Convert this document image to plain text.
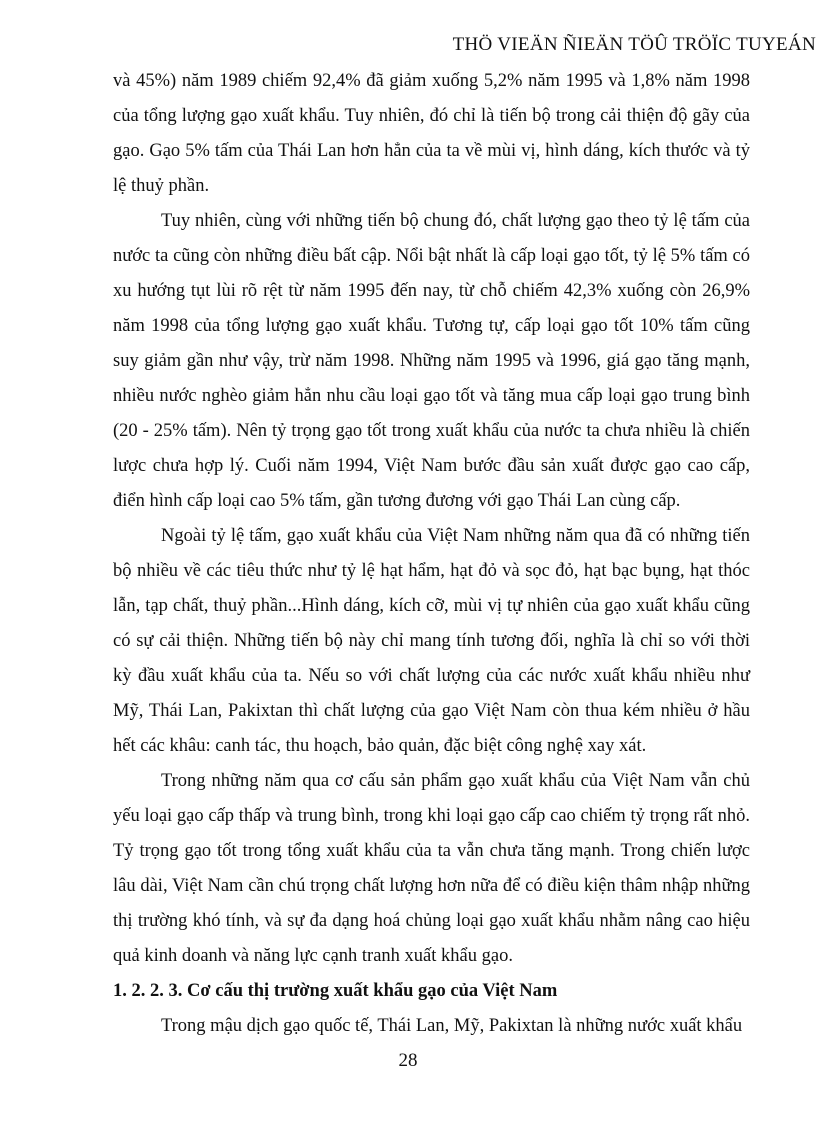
THÖ VIEÄN ÑIEÄN TÖÛ TRÖÏC TUYEÁN

và 45%) năm 1989 chiếm 92,4% đã giảm xuống 5,2% năm 1995 và 1,8% năm 1998 của tổng lượng gạo xuất khẩu. Tuy nhiên, đó chỉ là tiến bộ trong cải thiện độ gãy của gạo. Gạo 5% tấm của Thái Lan hơn hẳn của ta về mùi vị, hình dáng, kích thước và tỷ lệ thuỷ phần.

Tuy nhiên, cùng với những tiến bộ chung đó, chất lượng gạo theo tỷ lệ tấm của nước ta cũng còn những điều bất cập. Nổi bật nhất là cấp loại gạo tốt, tỷ lệ 5% tấm có xu hướng tụt lùi rõ rệt từ năm 1995 đến nay, từ chỗ chiếm 42,3% xuống còn 26,9% năm 1998 của tổng lượng gạo xuất khẩu. Tương tự, cấp loại gạo tốt 10% tấm cũng suy giảm gần như vậy, trừ năm 1998. Những năm 1995 và 1996, giá gạo tăng mạnh, nhiều nước nghèo giảm hẳn nhu cầu loại gạo tốt và tăng mua cấp loại gạo trung bình (20 - 25% tấm). Nên tỷ trọng gạo tốt trong xuất khẩu của nước ta chưa nhiều là chiến lược chưa hợp lý. Cuối năm 1994, Việt Nam bước đầu sản xuất được gạo cao cấp, điển hình cấp loại cao 5% tấm, gần tương đương với gạo Thái Lan cùng cấp.

Ngoài tỷ lệ tấm, gạo xuất khẩu của Việt Nam những năm qua đã có những tiến bộ nhiều về các tiêu thức như tỷ lệ hạt hẩm, hạt đỏ và sọc đỏ, hạt bạc bụng, hạt thóc lẫn, tạp chất, thuỷ phần...Hình dáng, kích cỡ, mùi vị tự nhiên của gạo xuất khẩu cũng có sự cải thiện. Những tiến bộ này chỉ mang tính tương đối, nghĩa là chỉ so với thời kỳ đầu xuất khẩu của ta. Nếu so với chất lượng của các nước xuất khẩu nhiều như Mỹ, Thái Lan, Pakixtan thì chất lượng của gạo Việt Nam còn thua kém nhiều ở hầu hết các khâu: canh tác, thu hoạch, bảo quản, đặc biệt công nghệ xay xát.

Trong những năm qua cơ cấu sản phẩm gạo xuất khẩu của Việt Nam vẫn chủ yếu loại gạo cấp thấp và trung bình, trong khi loại gạo cấp cao chiếm tỷ trọng rất nhỏ. Tỷ trọng gạo tốt trong tổng xuất khẩu của ta vẫn chưa tăng mạnh. Trong chiến lược lâu dài, Việt Nam cần chú trọng chất lượng hơn nữa để có điều kiện thâm nhập những thị trường khó tính, và sự đa dạng hoá chủng loại gạo xuất khẩu nhằm nâng cao hiệu quả kinh doanh và năng lực cạnh tranh xuất khẩu gạo.

1. 2. 2. 3. Cơ cấu thị trường xuất khẩu gạo của Việt Nam

Trong mậu dịch gạo quốc tế, Thái Lan, Mỹ, Pakixtan là những nước xuất khẩu

28
